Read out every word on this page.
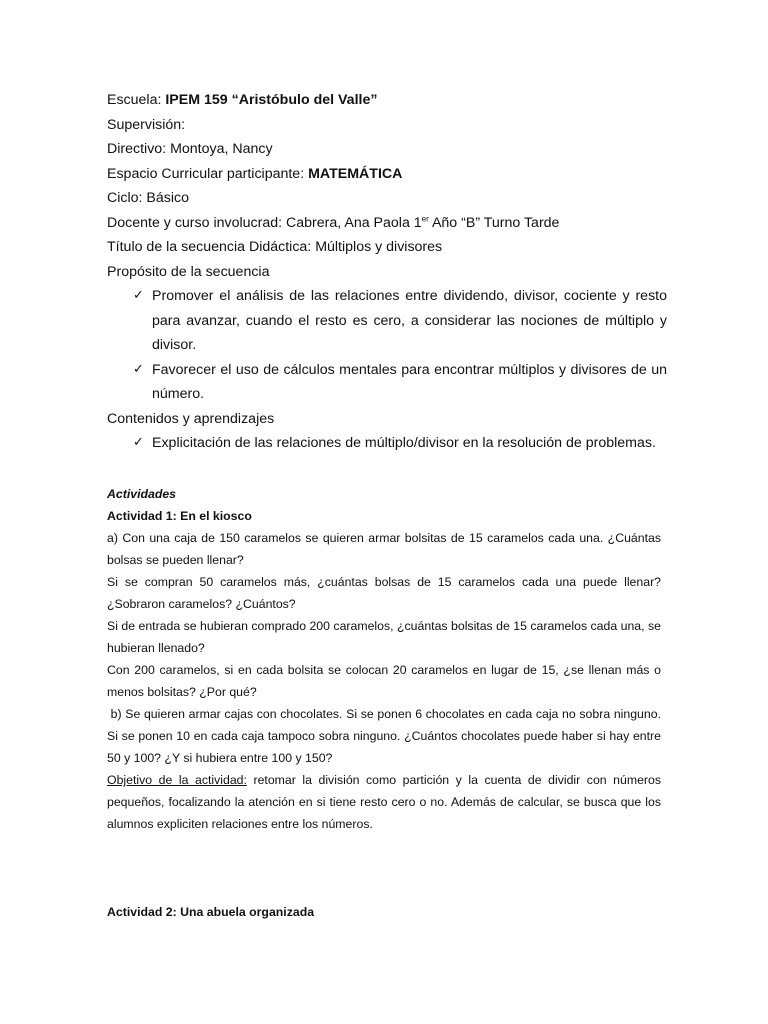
Escuela: IPEM 159 “Aristóbulo del Valle”
Supervisión:
Directivo: Montoya, Nancy
Espacio Curricular participante: MATEMÁTICA
Ciclo: Básico
Docente y curso involucrad: Cabrera, Ana Paola 1er Año “B” Turno Tarde
Título de la secuencia Didáctica: Múltiplos y divisores
Propósito de la secuencia
✓ Promover el análisis de las relaciones entre dividendo, divisor, cociente y resto para avanzar, cuando el resto es cero, a considerar las nociones de múltiplo y divisor.
✓ Favorecer el uso de cálculos mentales para encontrar múltiplos y divisores de un número.
Contenidos y aprendizajes
✓ Explicitación de las relaciones de múltiplo/divisor en la resolución de problemas.
Actividades
Actividad 1: En el kiosco
a) Con una caja de 150 caramelos se quieren armar bolsitas de 15 caramelos cada una. ¿Cuántas bolsas se pueden llenar?
Si se compran 50 caramelos más, ¿cuántas bolsas de 15 caramelos cada una puede llenar? ¿Sobraron caramelos? ¿Cuántos?
Si de entrada se hubieran comprado 200 caramelos, ¿cuántas bolsitas de 15 caramelos cada una, se hubieran llenado?
Con 200 caramelos, si en cada bolsita se colocan 20 caramelos en lugar de 15, ¿se llenan más o menos bolsitas? ¿Por qué?
b) Se quieren armar cajas con chocolates. Si se ponen 6 chocolates en cada caja no sobra ninguno. Si se ponen 10 en cada caja tampoco sobra ninguno. ¿Cuántos chocolates puede haber si hay entre 50 y 100? ¿Y si hubiera entre 100 y 150?
Objetivo de la actividad: retomar la división como partición y la cuenta de dividir con números pequeños, focalizando la atención en si tiene resto cero o no. Además de calcular, se busca que los alumnos expliciten relaciones entre los números.
Actividad 2: Una abuela organizada
